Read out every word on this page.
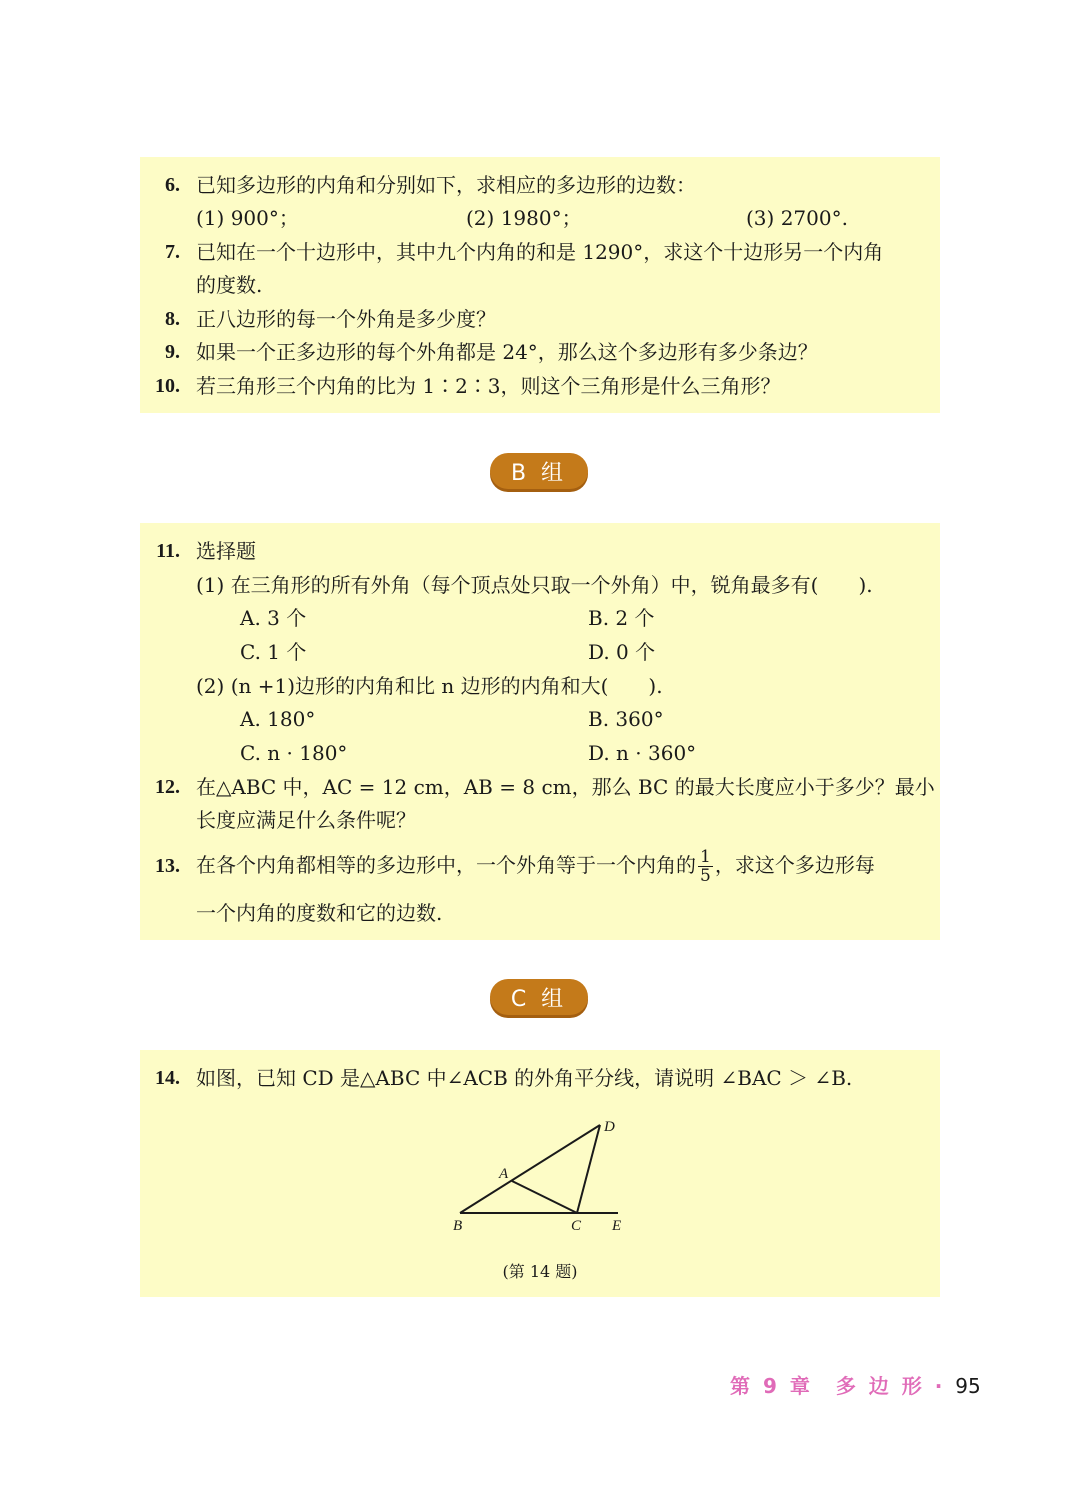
6. 已知多边形的内角和分别如下，求相应的多边形的边数：
(1) 900°；	(2) 1980°；	(3) 2700°.
7. 已知在一个十边形中，其中九个内角的和是 1290°，求这个十边形另一个内角
的度数.
8. 正八边形的每一个外角是多少度？
9. 如果一个正多边形的每个外角都是 24°，那么这个多边形有多少条边？
10. 若三角形三个内角的比为 1∶2∶3，则这个三角形是什么三角形？
B 组
11. 选择题
(1) 在三角形的所有外角（每个顶点处只取一个外角）中，锐角最多有(　　).
A. 3 个	B. 2 个
C. 1 个	D. 0 个
(2) (n +1)边形的内角和比 n 边形的内角和大(　　).
A. 180°	B. 360°
C. n · 180°	D. n · 360°
12. 在△ABC 中，AC = 12 cm，AB = 8 cm，那么 BC 的最大长度应小于多少？最小
长度应满足什么条件呢？
13. 在各个内角都相等的多边形中，一个外角等于一个内角的 $\frac{1}{5}$ ，求这个多边形每
一个内角的度数和它的边数.
C 组
14. 如图，已知 CD 是△ABC 中∠ACB 的外角平分线，请说明 ∠BAC ＞ ∠B.
D
A
B	C E
(第 14 题)
第 9 章　多 边 形 · 95
